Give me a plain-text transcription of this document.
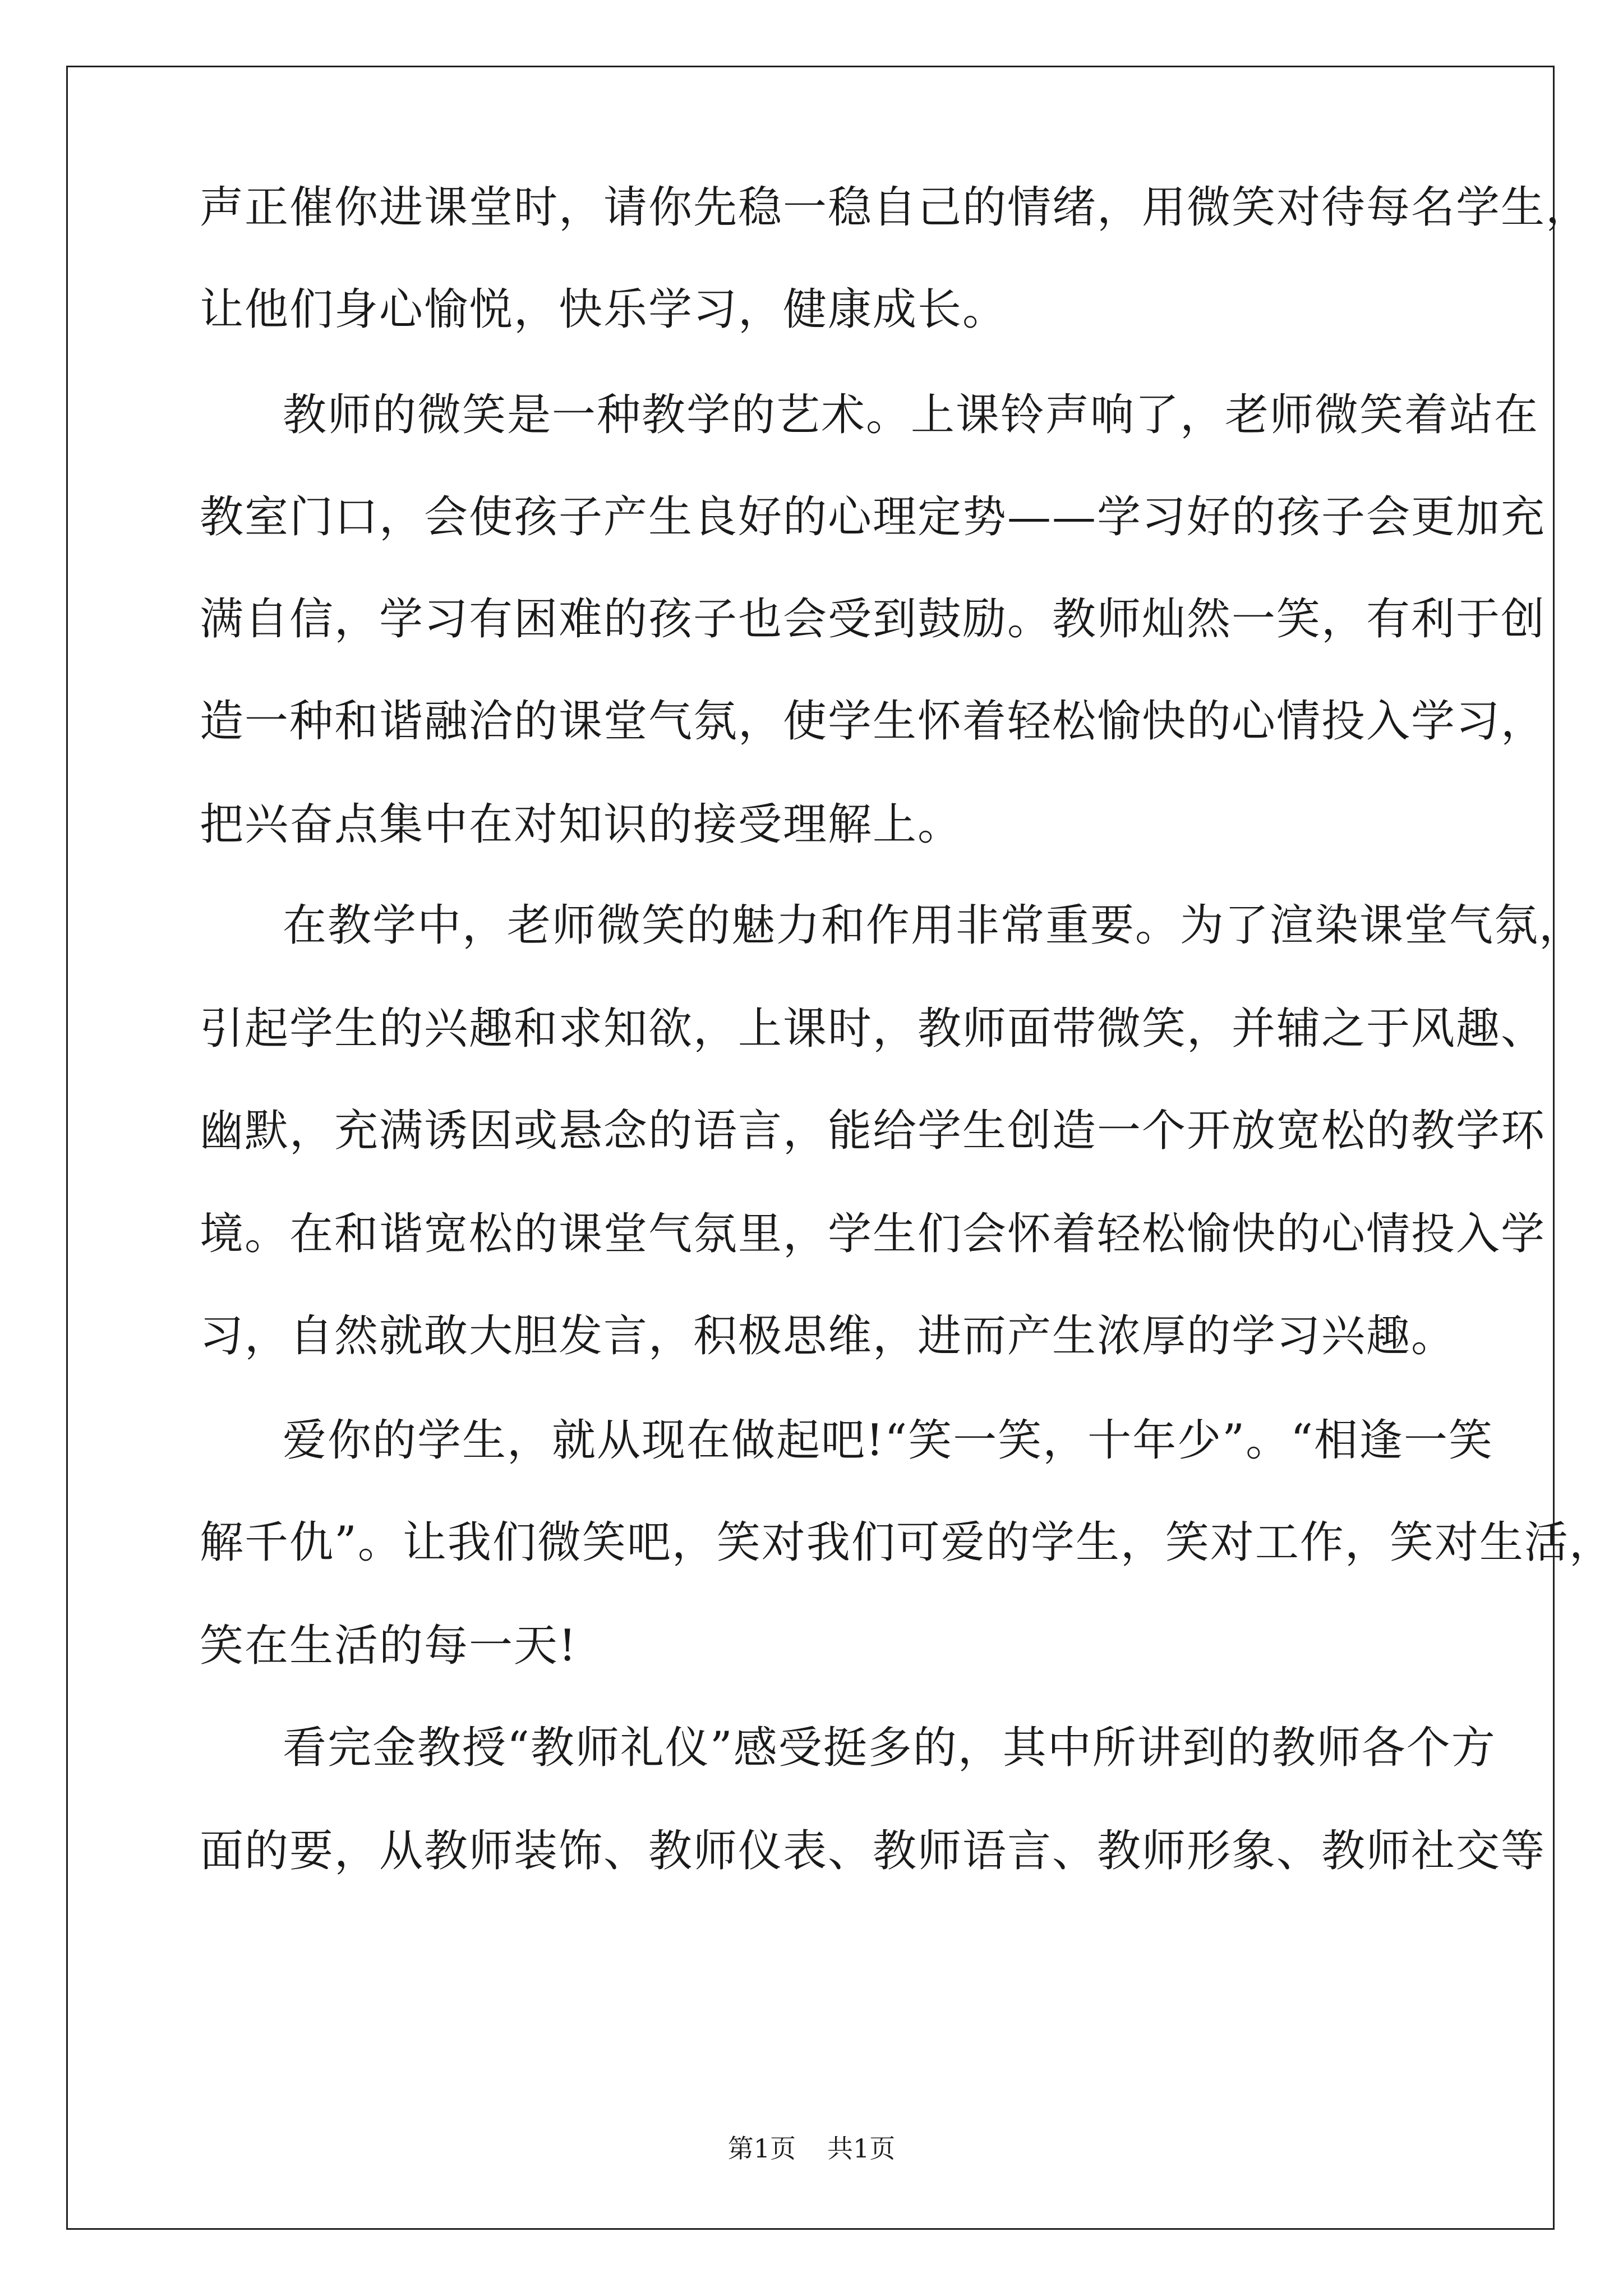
声正催你进课堂时，请你先稳一稳自己的情绪，用微笑对待每名学生，
让他们身心愉悦，快乐学习，健康成长。
教师的微笑是一种教学的艺术。上课铃声响了，老师微笑着站在
教室门口，会使孩子产生良好的心理定势——学习好的孩子会更加充
满自信，学习有困难的孩子也会受到鼓励。教师灿然一笑，有利于创
造一种和谐融洽的课堂气氛，使学生怀着轻松愉快的心情投入学习，
把兴奋点集中在对知识的接受理解上。
在教学中，老师微笑的魅力和作用非常重要。为了渲染课堂气氛，
引起学生的兴趣和求知欲，上课时，教师面带微笑，并辅之于风趣、
幽默，充满诱因或悬念的语言，能给学生创造一个开放宽松的教学环
境。在和谐宽松的课堂气氛里，学生们会怀着轻松愉快的心情投入学
习，自然就敢大胆发言，积极思维，进而产生浓厚的学习兴趣。
爱你的学生，就从现在做起吧!“笑一笑，十年少”。“相逢一笑
解千仇”。让我们微笑吧，笑对我们可爱的学生，笑对工作，笑对生活，
笑在生活的每一天!
看完金教授“教师礼仪”感受挺多的，其中所讲到的教师各个方
面的要，从教师装饰、教师仪表、教师语言、教师形象、教师社交等
第1页 共1页
